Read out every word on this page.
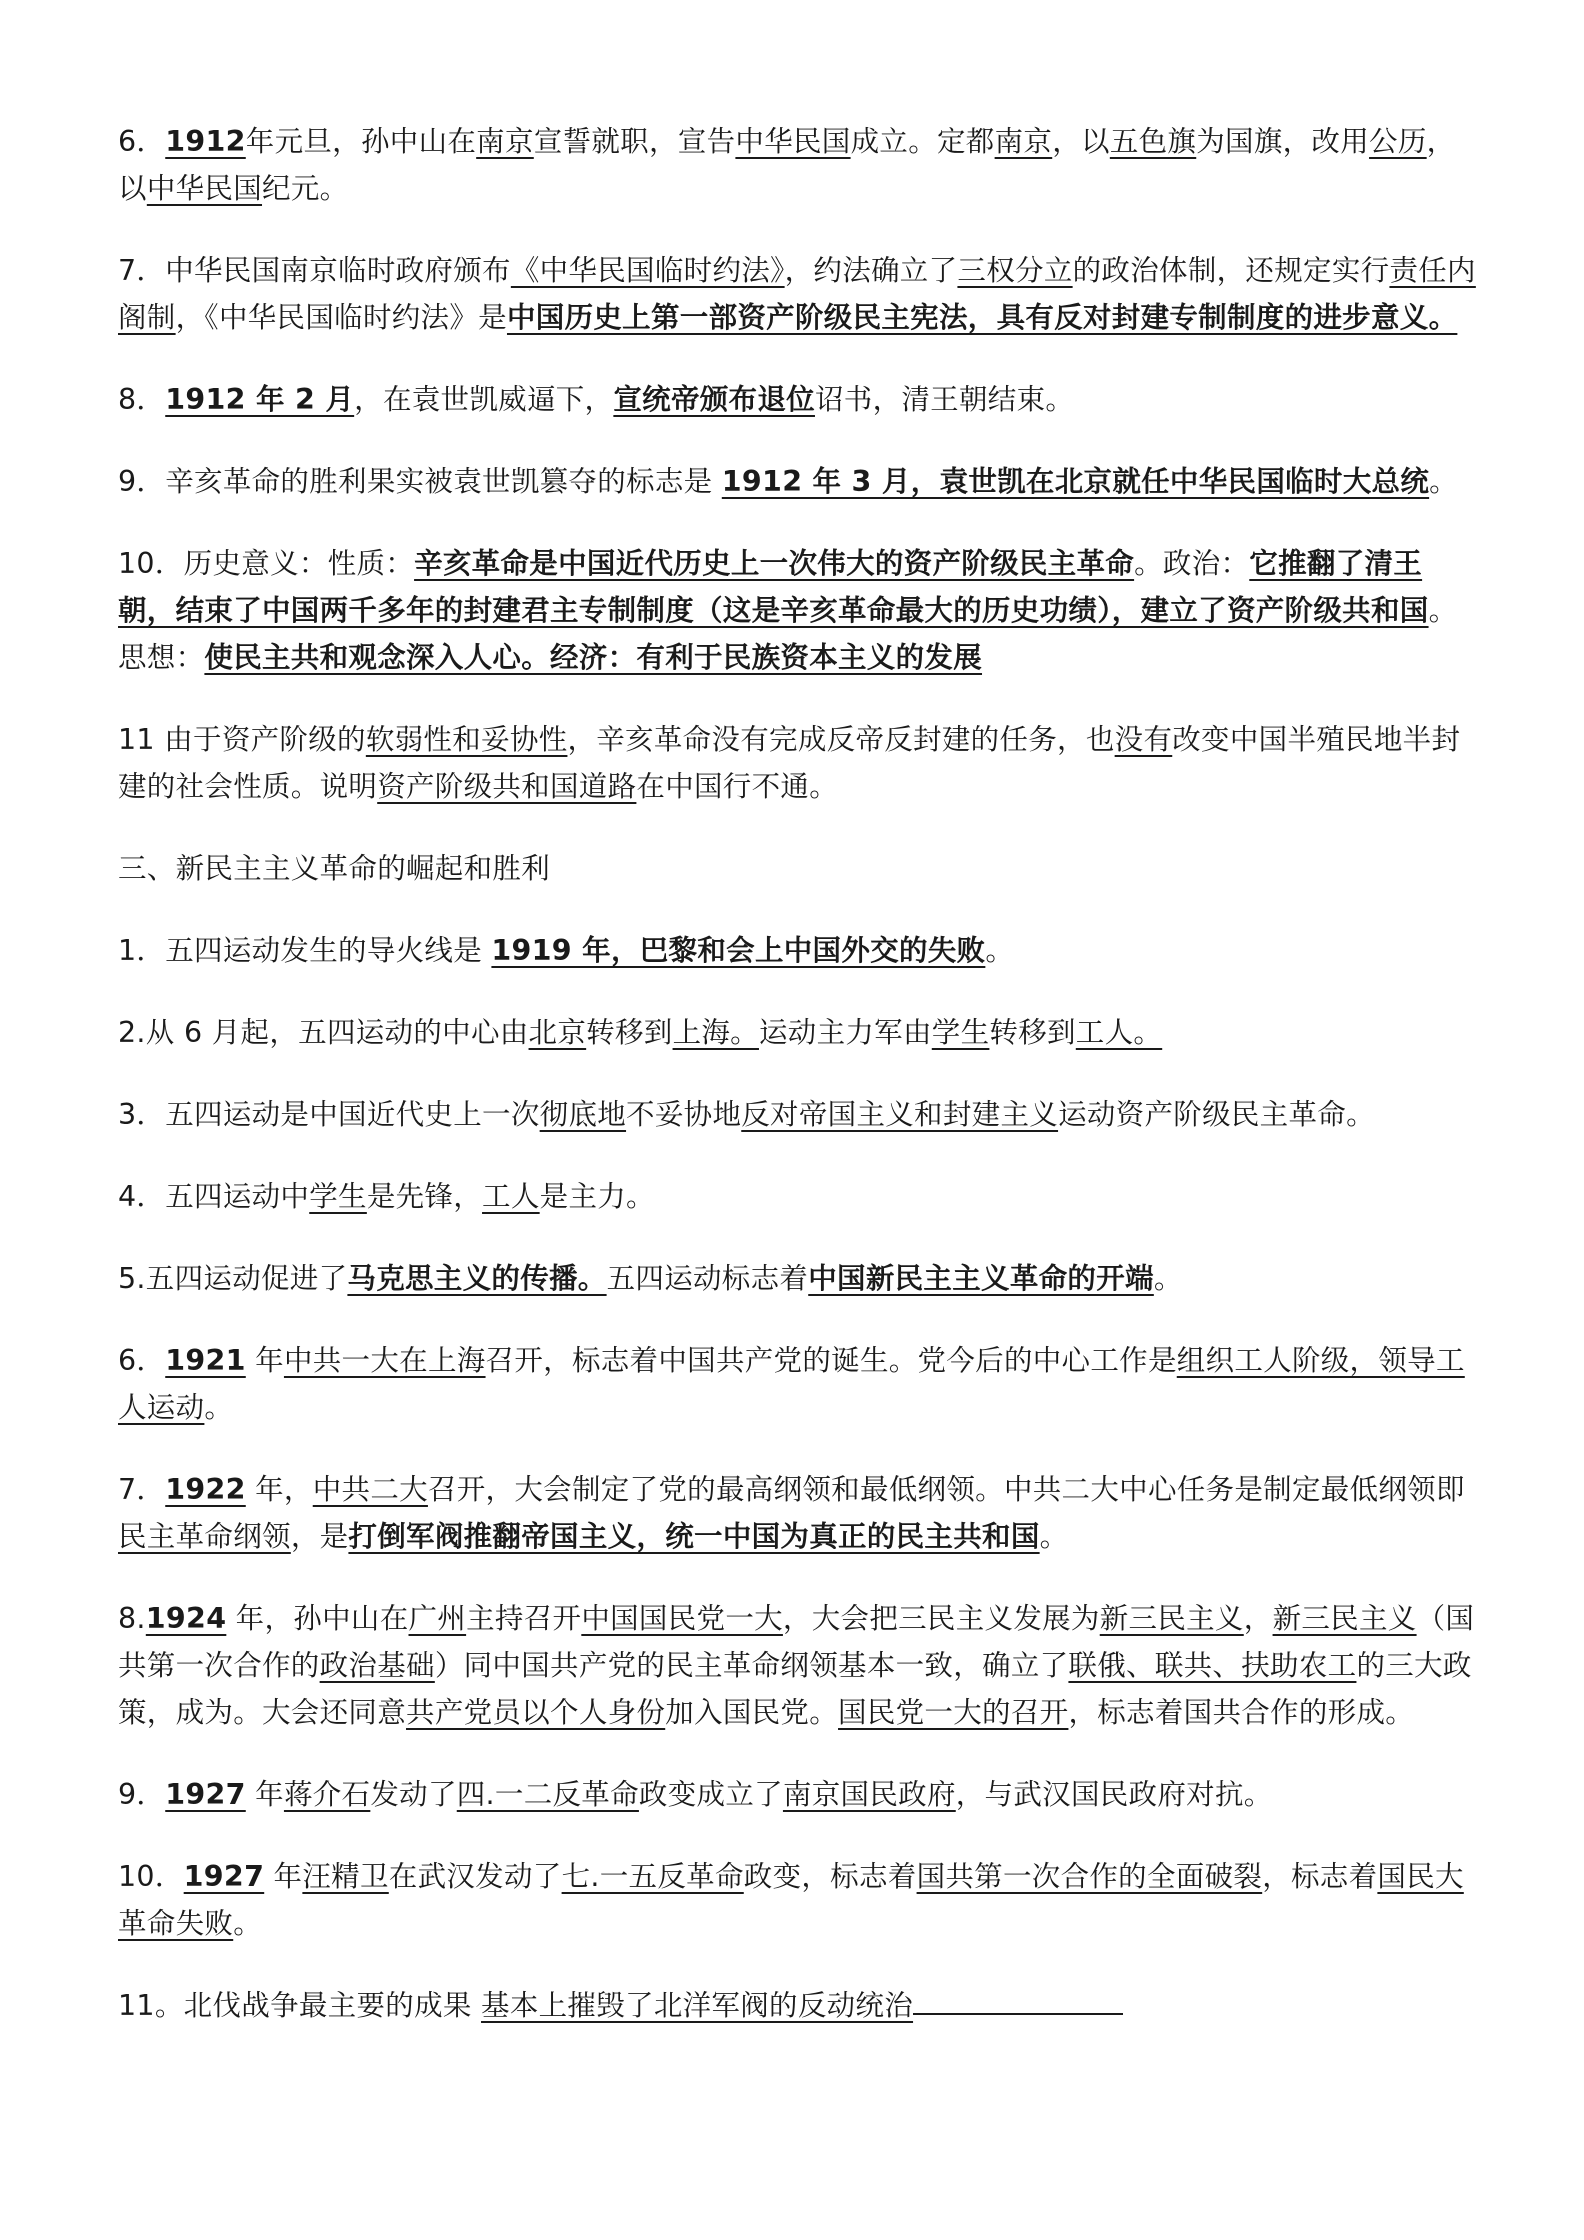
6．1912年元旦，孙中山在南京宣誓就职，宣告中华民国成立。定都南京，以五色旗为国旗，改用公历，以中华民国纪元。

7．中华民国南京临时政府颁布《中华民国临时约法》，约法确立了三权分立的政治体制，还规定实行责任内阁制，《中华民国临时约法》是中国历史上第一部资产阶级民主宪法，具有反对封建专制制度的进步意义。

8．1912 年 2 月，在袁世凯威逼下，宣统帝颁布退位诏书，清王朝结束。

9．辛亥革命的胜利果实被袁世凯篡夺的标志是 1912 年 3 月，袁世凯在北京就任中华民国临时大总统。

10．历史意义：性质：辛亥革命是中国近代历史上一次伟大的资产阶级民主革命。政治：它推翻了清王朝，结束了中国两千多年的封建君主专制制度（这是辛亥革命最大的历史功绩），建立了资产阶级共和国。思想：使民主共和观念深入人心。经济：有利于民族资本主义的发展

11 由于资产阶级的软弱性和妥协性，辛亥革命没有完成反帝反封建的任务，也没有改变中国半殖民地半封建的社会性质。说明资产阶级共和国道路在中国行不通。

三、新民主主义革命的崛起和胜利

1．五四运动发生的导火线是 1919 年，巴黎和会上中国外交的失败。

2.从 6 月起，五四运动的中心由北京转移到上海。运动主力军由学生转移到工人。

3．五四运动是中国近代史上一次彻底地不妥协地反对帝国主义和封建主义运动资产阶级民主革命。

4．五四运动中学生是先锋，工人是主力。

5.五四运动促进了马克思主义的传播。五四运动标志着中国新民主主义革命的开端。

6．1921 年中共一大在上海召开，标志着中国共产党的诞生。党今后的中心工作是组织工人阶级，领导工人运动。

7．1922 年，中共二大召开，大会制定了党的最高纲领和最低纲领。中共二大中心任务是制定最低纲领即民主革命纲领，是打倒军阀推翻帝国主义，统一中国为真正的民主共和国。

8.1924 年，孙中山在广州主持召开中国国民党一大，大会把三民主义发展为新三民主义，新三民主义（国共第一次合作的政治基础）同中国共产党的民主革命纲领基本一致，确立了联俄、联共、扶助农工的三大政策，成为。大会还同意共产党员以个人身份加入国民党。国民党一大的召开，标志着国共合作的形成。

9．1927 年蒋介石发动了四.一二反革命政变成立了南京国民政府，与武汉国民政府对抗。

10．1927 年汪精卫在武汉发动了七.一五反革命政变，标志着国共第一次合作的全面破裂，标志着国民大革命失败。

11。北伐战争最主要的成果 基本上摧毁了北洋军阀的反动统治
